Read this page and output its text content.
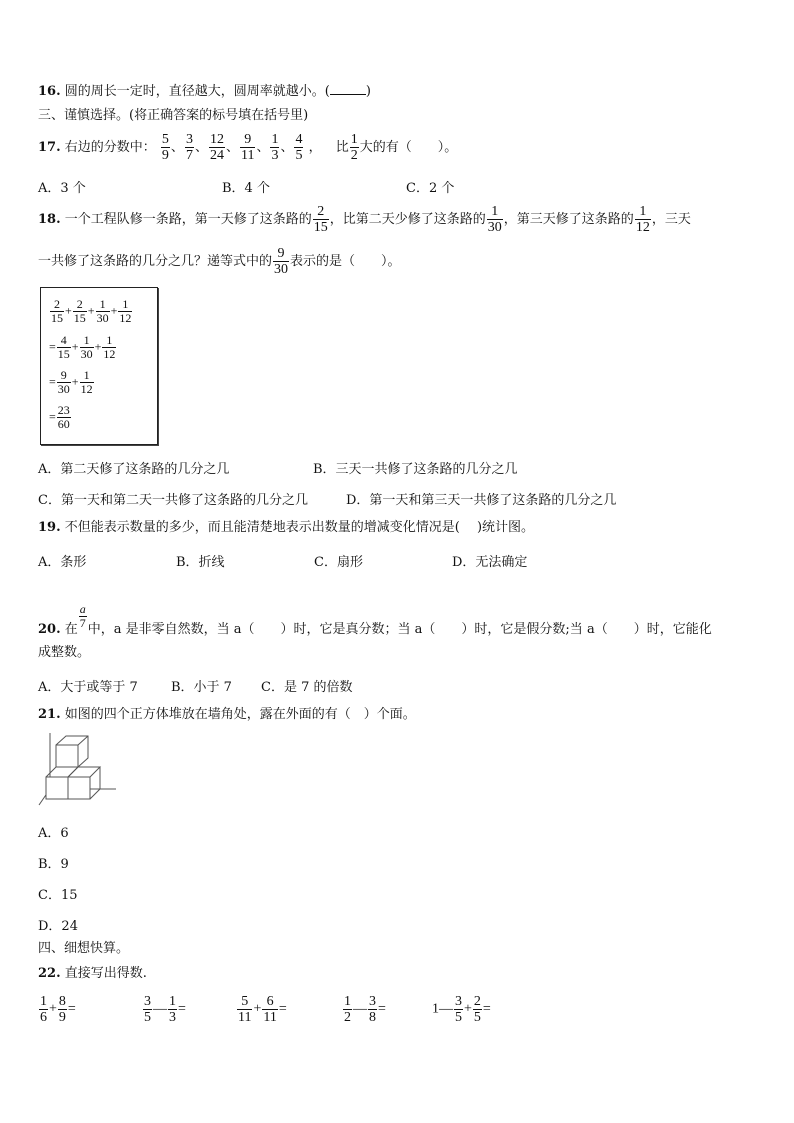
16. 圆的周长一定时，直径越大，圆周率就越小。(	)
三、谨慎选择。(将正确答案的标号填在括号里)
17. 右边的分数中： $\frac{5}{9}$ 、 $\frac{3}{7}$ 、 $\frac{12}{24}$ 、 $\frac{9}{11}$ 、 $\frac{1}{3}$ 、 $\frac{4}{5}$ ， 比 $\frac{1}{2}$ 大的有（　　）。
A．3 个	B．4 个	C．2 个
18. 一个工程队修一条路，第一天修了这条路的 $\frac{2}{15}$ ，比第二天少修了这条路的 $\frac{1}{30}$ ，第三天修了这条路的 $\frac{1}{12}$ ，三天
一共修了这条路的几分之几？递等式中的 $\frac{9}{30}$ 表示的是（　　）。
$\frac{2}{15} + \frac{2}{15} + \frac{1}{30} + \frac{1}{12}$
= $\frac{4}{15} + \frac{1}{30} + \frac{1}{12}$
= $\frac{9}{30} + \frac{1}{12}$
= $\frac{23}{60}$
A．第二天修了这条路的几分之几	B．三天一共修了这条路的几分之几
C．第一天和第二天一共修了这条路的几分之几	D．第一天和第三天一共修了这条路的几分之几
19. 不但能表示数量的多少，而且能清楚地表示出数量的增减变化情况是(　 )统计图。
A．条形	B．折线	C．扇形	D．无法确定
20. 在 $\frac{a}{7}$ 中，a 是非零自然数，当 a（　　）时，它是真分数；当 a（　　）时，它是假分数;当 a（　　）时，它能化
成整数。
A．大于或等于 7	B．小于 7 C．是 7 的倍数
21. 如图的四个正方体堆放在墙角处，露在外面的有（　）个面。
A．6
B．9
C．15
D．24
四、细想快算。
22. 直接写出得数.
$\frac{1}{6} + \frac{8}{9}$ =	$\frac{3}{5}$ — $\frac{1}{3}$ =	$\frac{5}{11} + \frac{6}{11}$ =	$\frac{1}{2}$ — $\frac{3}{8}$ =	1— $\frac{3}{5} + \frac{2}{5}$ =
